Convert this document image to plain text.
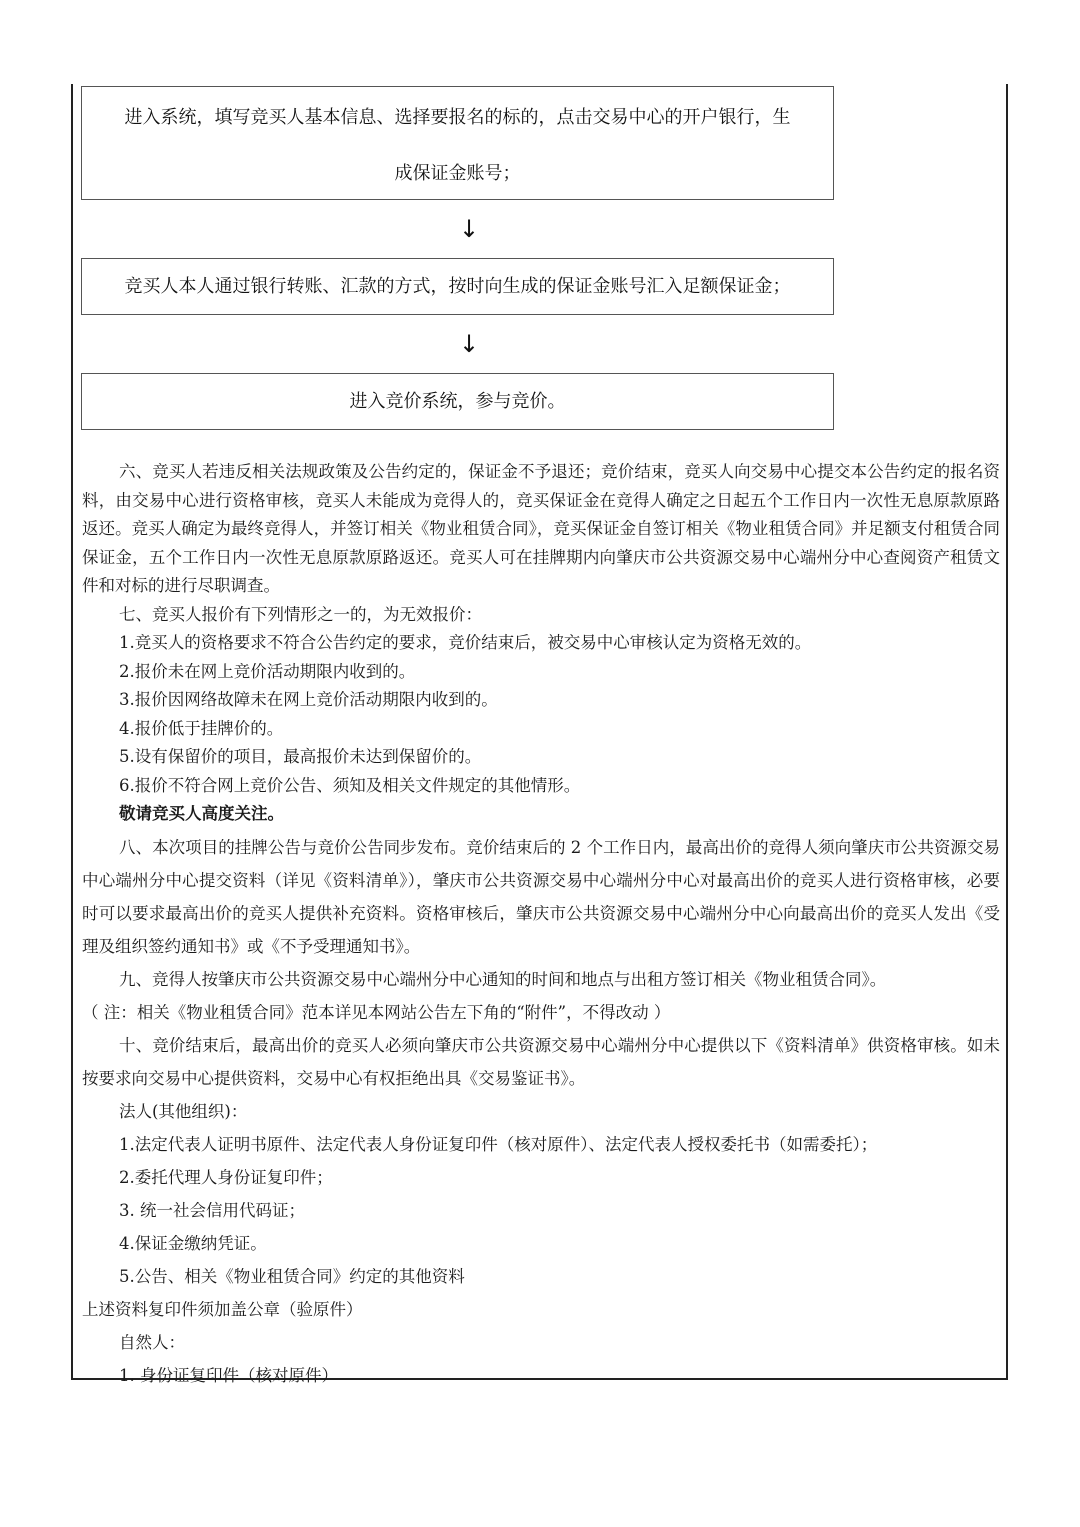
进入系统，填写竞买人基本信息、选择要报名的标的，点击交易中心的开户银行，生
成保证金账号；
↓
竞买人本人通过银行转账、汇款的方式，按时向生成的保证金账号汇入足额保证金；
↓
进入竞价系统，参与竞价。

六、竞买人若违反相关法规政策及公告约定的，保证金不予退还；竞价结束，竞买人向交易中心提交本公告约定的报名资料，由交易中心进行资格审核，竞买人未能成为竞得人的，竞买保证金在竞得人确定之日起五个工作日内一次性无息原款原路返还。竞买人确定为最终竞得人，并签订相关《物业租赁合同》，竞买保证金自签订相关《物业租赁合同》并足额支付租赁合同保证金，五个工作日内一次性无息原款原路返还。竞买人可在挂牌期内向肇庆市公共资源交易中心端州分中心查阅资产租赁文件和对标的进行尽职调查。

七、竞买人报价有下列情形之一的，为无效报价：

1.竞买人的资格要求不符合公告约定的要求，竞价结束后，被交易中心审核认定为资格无效的。

2.报价未在网上竞价活动期限内收到的。

3.报价因网络故障未在网上竞价活动期限内收到的。

4.报价低于挂牌价的。

5.设有保留价的项目，最高报价未达到保留价的。

6.报价不符合网上竞价公告、须知及相关文件规定的其他情形。

敬请竞买人高度关注。

八、本次项目的挂牌公告与竞价公告同步发布。竞价结束后的 2 个工作日内，最高出价的竞得人须向肇庆市公共资源交易中心端州分中心提交资料（详见《资料清单》），肇庆市公共资源交易中心端州分中心对最高出价的竞买人进行资格审核，必要时可以要求最高出价的竞买人提供补充资料。资格审核后，肇庆市公共资源交易中心端州分中心向最高出价的竞买人发出《受理及组织签约通知书》或《不予受理通知书》。

九、竞得人按肇庆市公共资源交易中心端州分中心通知的时间和地点与出租方签订相关《物业租赁合同》。

（ 注：相关《物业租赁合同》范本详见本网站公告左下角的“附件”，不得改动 ）

十、竞价结束后，最高出价的竞买人必须向肇庆市公共资源交易中心端州分中心提供以下《资料清单》供资格审核。如未按要求向交易中心提供资料，交易中心有权拒绝出具《交易鉴证书》。

法人(其他组织)：

1.法定代表人证明书原件、法定代表人身份证复印件（核对原件）、法定代表人授权委托书（如需委托）；

2.委托代理人身份证复印件；

3. 统一社会信用代码证；

4.保证金缴纳凭证。

5.公告、相关《物业租赁合同》约定的其他资料

上述资料复印件须加盖公章（验原件）

自然人：

1. 身份证复印件（核对原件）
